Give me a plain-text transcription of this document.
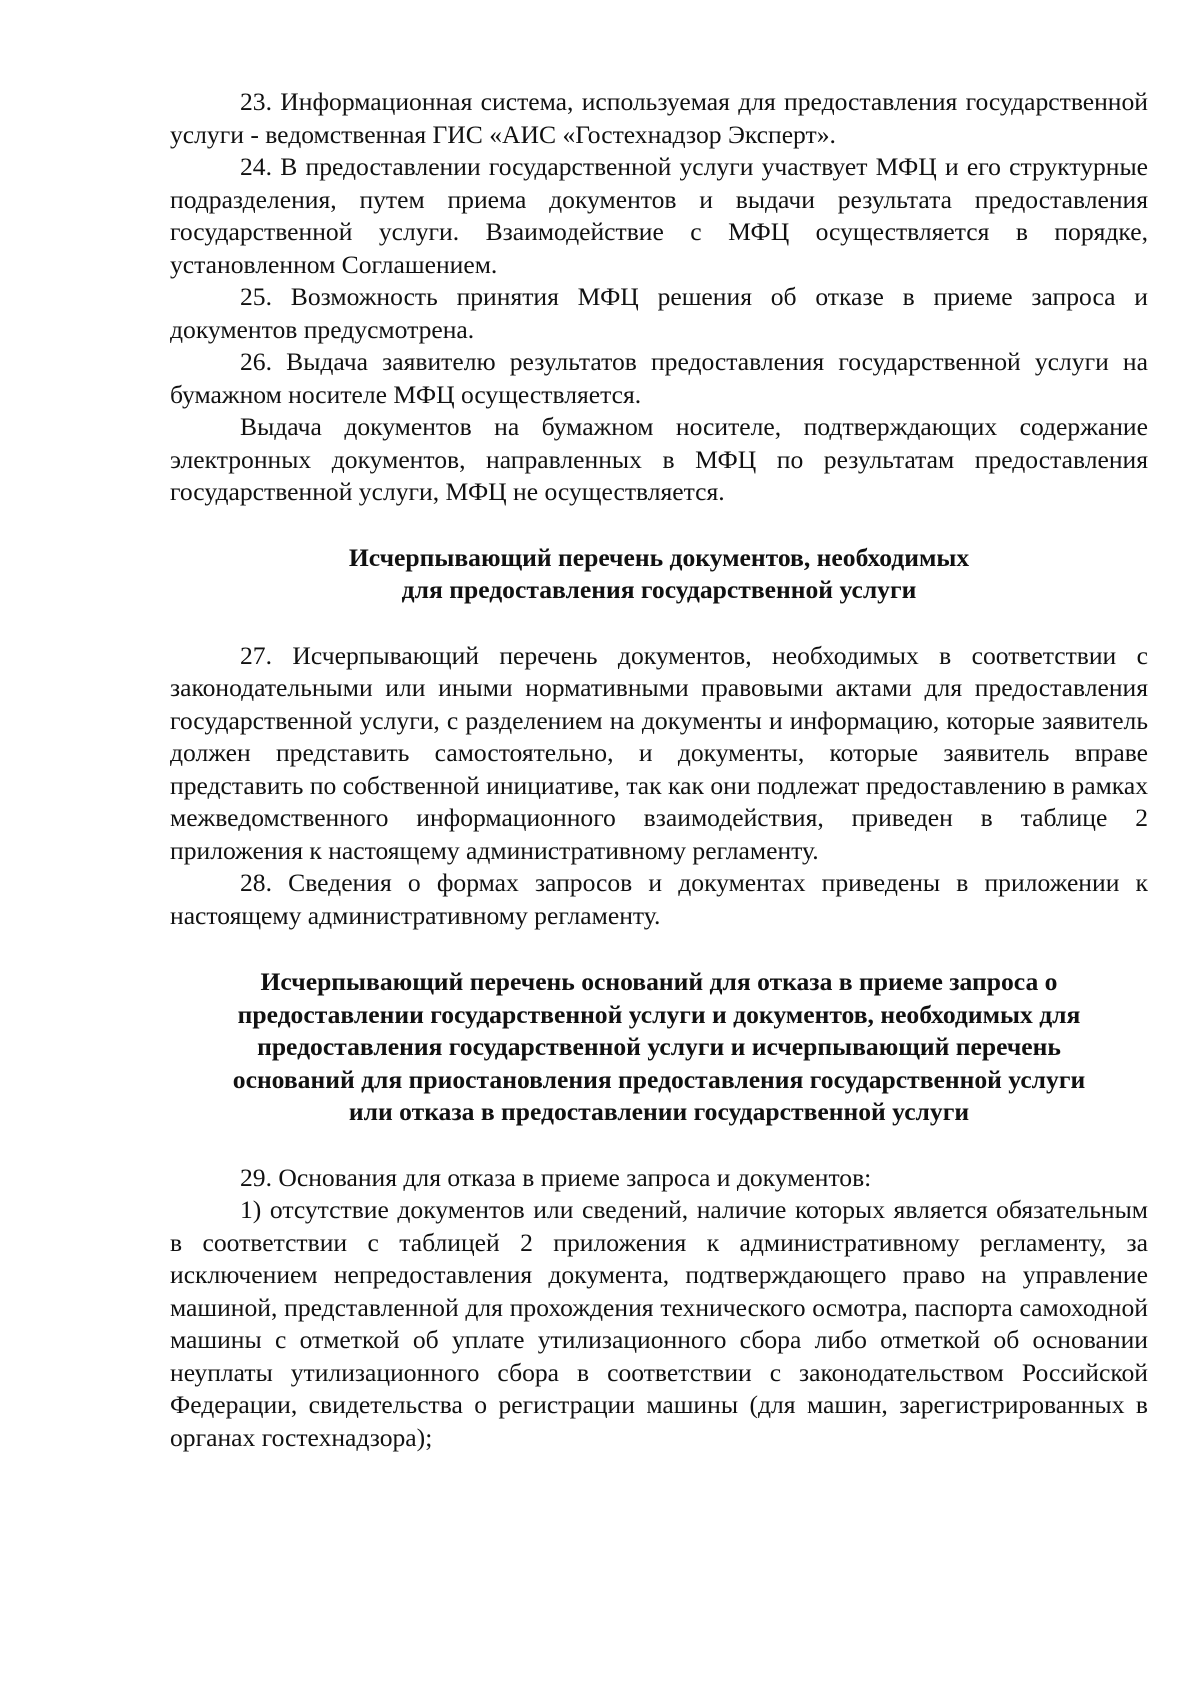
23. Информационная система, используемая для предоставления государственной услуги - ведомственная ГИС «АИС «Гостехнадзор Эксперт».

24. В предоставлении государственной услуги участвует МФЦ и его структурные подразделения, путем приема документов и выдачи результата предоставления государственной услуги. Взаимодействие с МФЦ осуществляется в порядке, установленном Соглашением.

25. Возможность принятия МФЦ решения об отказе в приеме запроса и документов предусмотрена.

26. Выдача заявителю результатов предоставления государственной услуги на бумажном носителе МФЦ осуществляется.

Выдача документов на бумажном носителе, подтверждающих содержание электронных документов, направленных в МФЦ по результатам предоставления государственной услуги, МФЦ не осуществляется.

Исчерпывающий перечень документов, необходимых
для предоставления государственной услуги

27. Исчерпывающий перечень документов, необходимых в соответствии с законодательными или иными нормативными правовыми актами для предоставления государственной услуги, с разделением на документы и информацию, которые заявитель должен представить самостоятельно, и документы, которые заявитель вправе представить по собственной инициативе, так как они подлежат предоставлению в рамках межведомственного информационного взаимодействия, приведен в таблице 2 приложения к настоящему административному регламенту.

28. Сведения о формах запросов и документах приведены в приложении к настоящему административному регламенту.

Исчерпывающий перечень оснований для отказа в приеме запроса о
предоставлении государственной услуги и документов, необходимых для
предоставления государственной услуги и исчерпывающий перечень
оснований для приостановления предоставления государственной услуги
или отказа в предоставлении государственной услуги

29. Основания для отказа в приеме запроса и документов:

1) отсутствие документов или сведений, наличие которых является обязательным в соответствии с таблицей 2 приложения к административному регламенту, за исключением непредоставления документа, подтверждающего право на управление машиной, представленной для прохождения технического осмотра, паспорта самоходной машины с отметкой об уплате утилизационного сбора либо отметкой об основании неуплаты утилизационного сбора в соответствии с законодательством Российской Федерации, свидетельства о регистрации машины (для машин, зарегистрированных в органах гостехнадзора);
